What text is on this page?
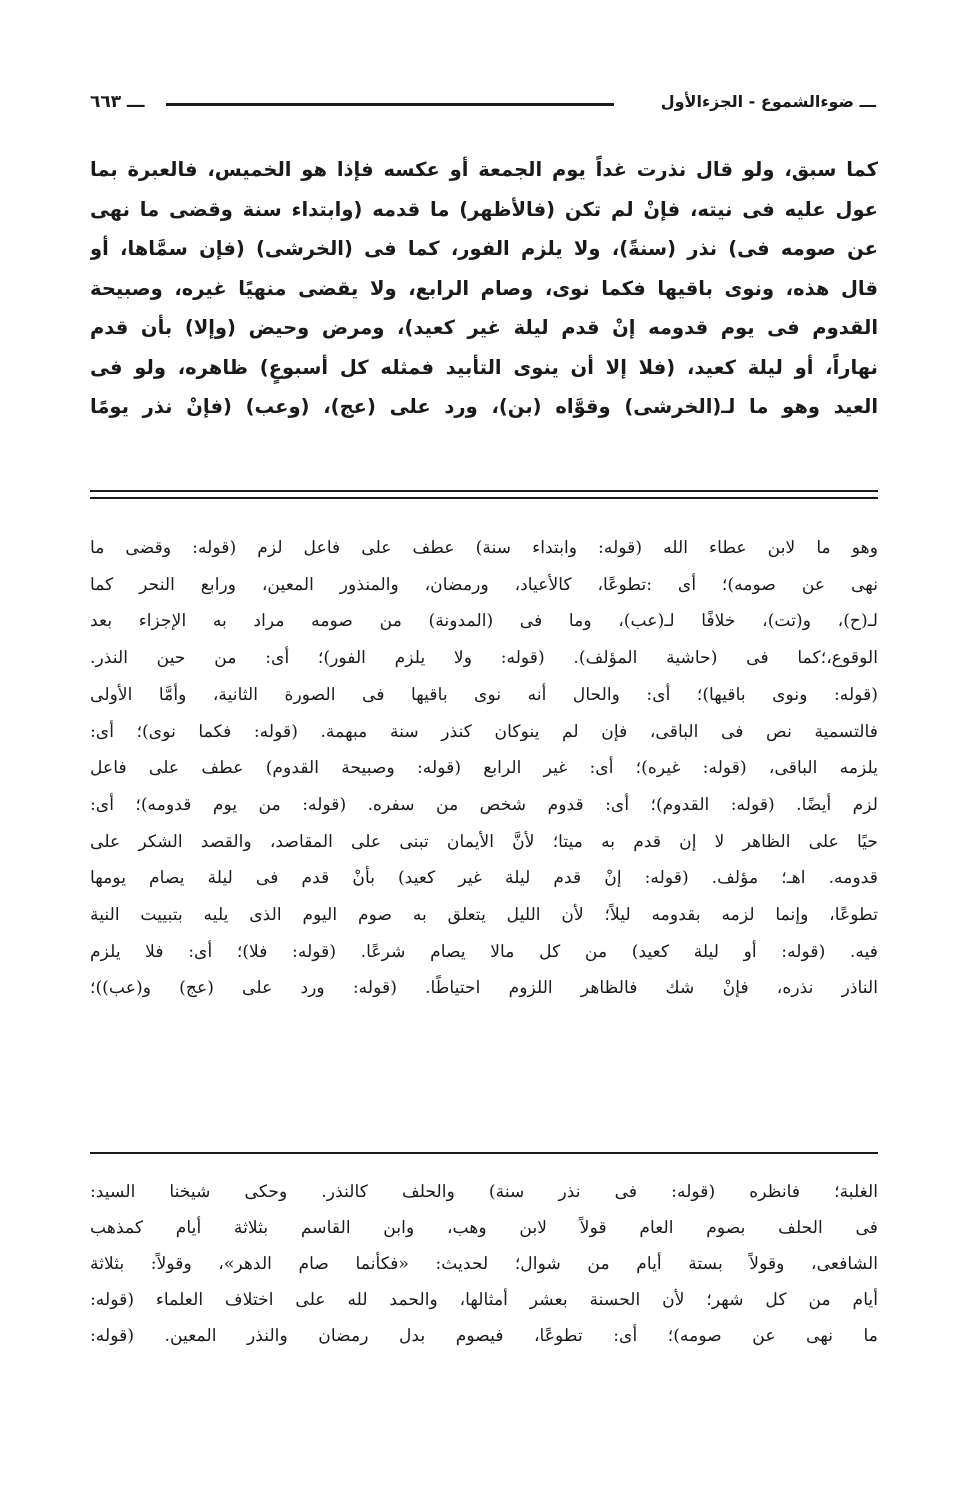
ـــ ٦٦٣	ـــ ضوءالشموع - الجزءالأول

كما سبق، ولو قال نذرت غداً يوم الجمعة أو عكسه فإذا هو الخميس، فالعبرة بما

عول عليه فى نيته، فإنْ لم تكن (فالأظهر) ما قدمه (وابتداء سنة وقضى ما نهى

عن صومه فى) نذر (سنةً)، ولا يلزم الفور، كما فى (الخرشى) (فإن سمَّاها، أو

قال هذه، ونوى باقيها فكما نوى، وصام الرابع، ولا يقضى منهيًا غيره، وصبيحة

القدوم فى يوم قدومه إنْ قدم ليلة غير كعيد)، ومرض وحيض (وإلا) بأن قدم

نهاراً، أو ليلة كعيد، (فلا إلا أن ينوى التأبيد فمثله كل أسبوعٍ) ظاهره، ولو فى

العيد وهو ما لـ(الخرشى) وقوَّاه (بن)، ورد على (عج)، (وعب) (فإنْ نذر يومًا

وهو ما لابن عطاء الله (قوله: وابتداء سنة) عطف على فاعل لزم (قوله: وقضى ما

نهى عن صومه)؛ أى :تطوعًا، كالأعياد، ورمضان، والمنذور المعين، ورابع النحر كما

لـ(ح)، و(تت)، خلافًا لـ(عب)، وما فى (المدونة) من صومه مراد به الإجزاء بعد

الوقوع،؛كما فى (حاشية المؤلف). (قوله: ولا يلزم الفور)؛ أى: من حين النذر.

(قوله: ونوى باقيها)؛ أى: والحال أنه نوى باقيها فى الصورة الثانية، وأمَّا الأولى

فالتسمية نص فى الباقى، فإن لم ينوكان كنذر سنة مبهمة. (قوله: فكما نوى)؛ أى:

يلزمه الباقى، (قوله: غيره)؛ أى: غير الرابع (قوله: وصبيحة القدوم) عطف على فاعل

لزم أيضًا. (قوله: القدوم)؛ أى: قدوم شخص من سفره. (قوله: من يوم قدومه)؛ أى:

حيًا على الظاهر لا إن قدم به ميتا؛ لأنَّ الأيمان تبنى على المقاصد، والقصد الشكر على

قدومه. اهـ؛ مؤلف. (قوله: إنْ قدم ليلة غير كعيد) بأنْ قدم فى ليلة يصام يومها

تطوعًا، وإنما لزمه بقدومه ليلاً؛ لأن الليل يتعلق به صوم اليوم الذى يليه بتبييت النية

فيه. (قوله: أو ليلة كعيد) من كل مالا يصام شرعًا. (قوله: فلا)؛ أى: فلا يلزم

الناذر نذره، فإنْ شك فالظاهر اللزوم احتياطًا. (قوله: ورد على (عج) و(عب))؛

الغلبة؛ فانظره (قوله: فى نذر سنة) والحلف كالنذر. وحكى شيخنا السيد:

فى الحلف بصوم العام قولاً لابن وهب، وابن القاسم بثلاثة أيام كمذهب

الشافعى، وقولاً بستة أيام من شوال؛ لحديث: «فكأنما صام الدهر»، وقولاً: بثلاثة

أيام من كل شهر؛ لأن الحسنة بعشر أمثالها، والحمد لله على اختلاف العلماء (قوله:

ما نهى عن صومه)؛ أى: تطوعًا، فيصوم بدل رمضان والنذر المعين. (قوله:
